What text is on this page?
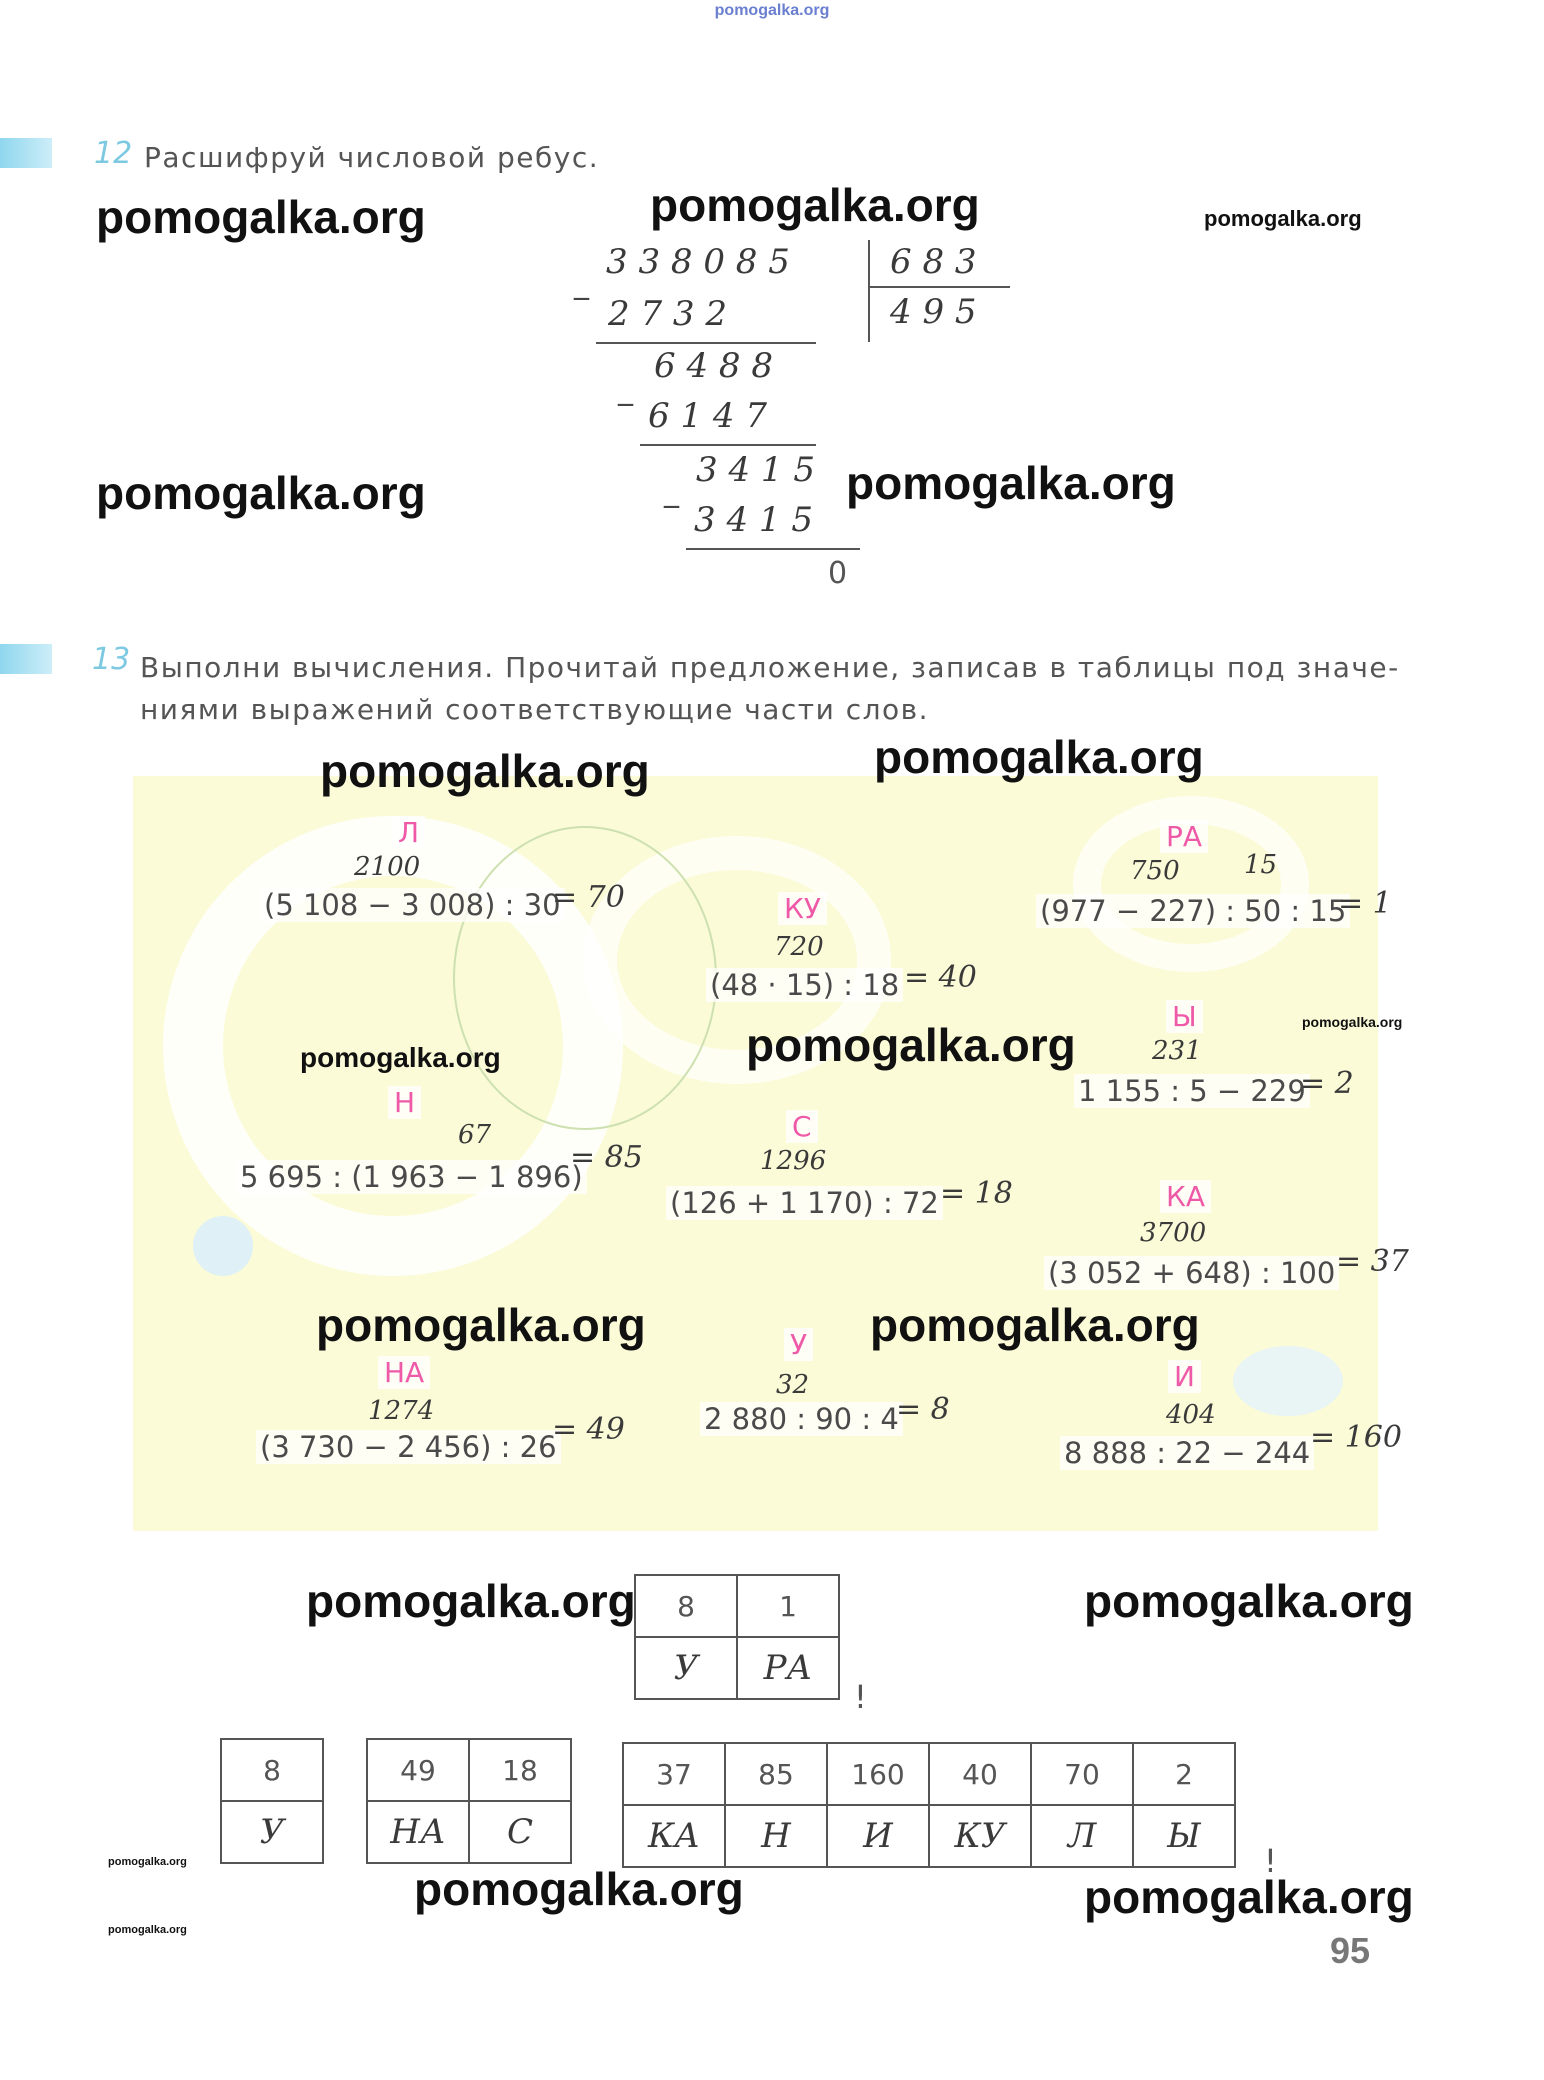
pomogalka.org
12 Расшифруй числовой ребус.
3 3 8 0 8 5	6 8 3
4 9 5
_
2 7 3 2
6 4 8 8
_
6 1 4 7
3 4 1 5
_
3 4 1 5
0
13 Выполни вычисления. Прочитай предложение, записав в таблицы под значе-
ниями выражений соответствующие части слов.
Л
2100
(5 108 − 3 008) : 30
= 70	КУ
720
(48 · 15) : 18 = 40
РА
750 15
(977 − 227) : 50 : 15
= 1
Ы
231
1 155 : 5 − 229
= 2
Н
67
5 695 : (1 963 − 1 896)
= 85
С
1296
(126 + 1 170) : 72 = 18	КА
3700
(3 052 + 648) : 100 = 37
НА
1274
(3 730 − 2 456) : 26
= 49
У
32
2 880 : 90 : 4
= 8
И
404
8 888 : 22 − 244 = 160
8	1
У	РА
!
8
У
49	18
НА	С
37	85	160	40	70	2
КА	Н	И	КУ	Л	Ы
!
95
pomogalka.org	pomogalka.org	pomogalka.org
pomogalka.org	pomogalka.org
pomogalka.org	pomogalka.org
pomogalka.org
pomogalka.org	pomogalka.org
pomogalka.org	pomogalka.org
pomogalka.org	pomogalka.org
pomogalka.org
pomogalka.org	pomogalka.org
pomogalka.org
